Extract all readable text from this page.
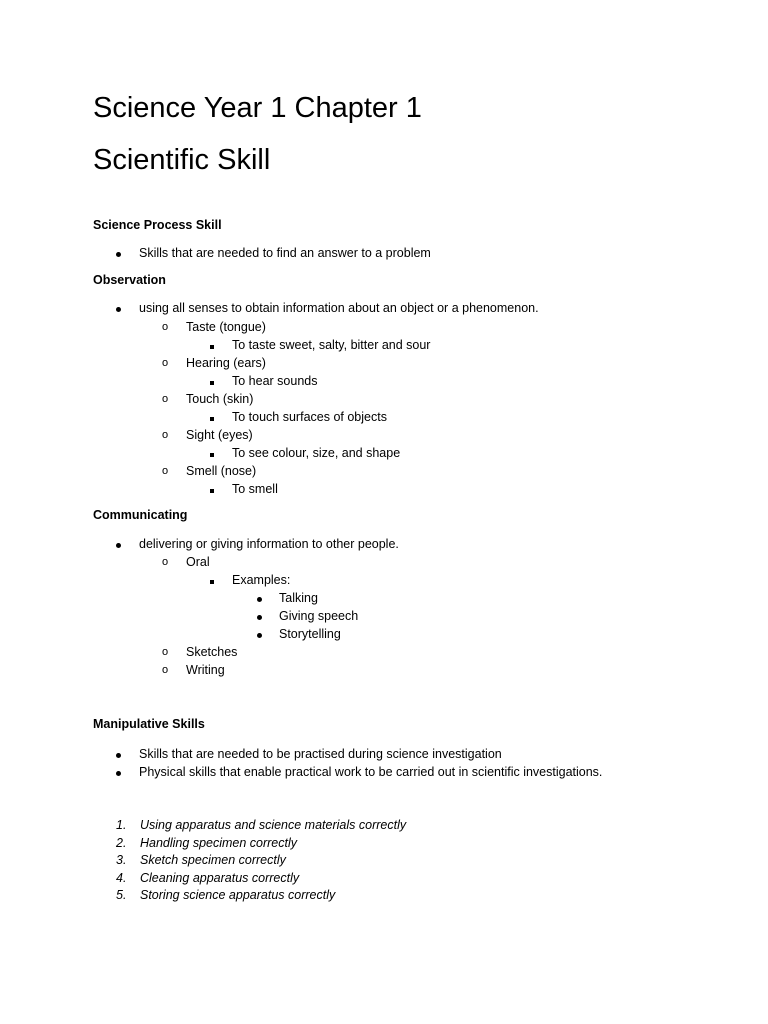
Science Year 1 Chapter 1
Scientific Skill
Science Process Skill
Skills that are needed to find an answer to a problem
Observation
using all senses to obtain information about an object or a phenomenon.
o Taste (tongue)
To taste sweet, salty, bitter and sour
o Hearing (ears)
To hear sounds
o Touch (skin)
To touch surfaces of objects
o Sight (eyes)
To see colour, size, and shape
o Smell (nose)
To smell
Communicating
delivering or giving information to other people.
o Oral
Examples:
Talking
Giving speech
Storytelling
o Sketches
o Writing
Manipulative Skills
Skills that are needed to be practised during science investigation
Physical skills that enable practical work to be carried out in scientific investigations.
1. Using apparatus and science materials correctly
2. Handling specimen correctly
3. Sketch specimen correctly
4. Cleaning apparatus correctly
5. Storing science apparatus correctly
